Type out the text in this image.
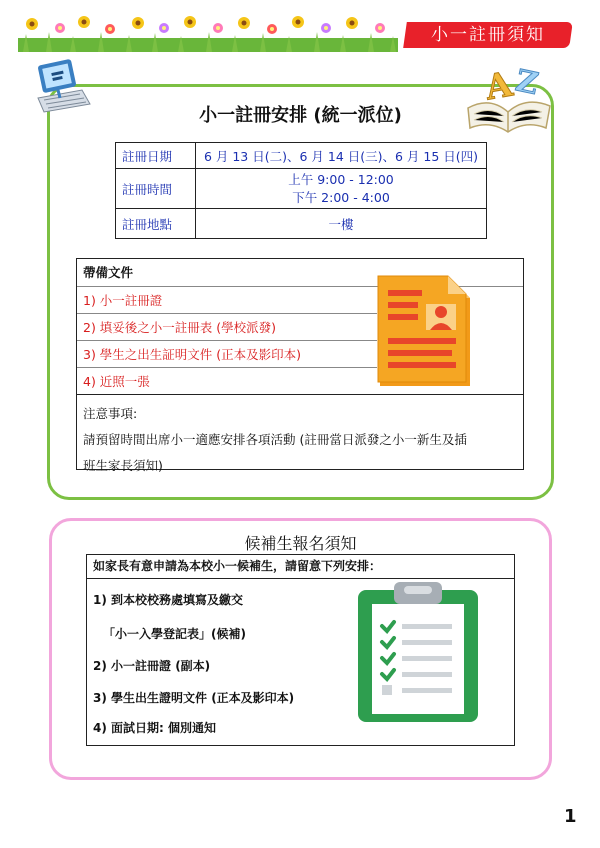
小一註冊須知
小一註冊安排 (統一派位)
A
Z
註冊日期	6 月 13 日(二)、6 月 14 日(三)、6 月 15 日(四)
註冊時間	上午 9:00 - 12:00
下午 2:00 - 4:00

註冊地點	一樓
帶備文件
1) 小一註冊證
2) 填妥後之小一註冊表 (學校派發)
3) 學生之出生証明文件 (正本及影印本)
4) 近照一張
注意事項:
請預留時間出席小一適應安排各項活動 (註冊當日派發之小一新生及插
班生家長須知)
候補生報名須知
如家長有意申請為本校小一候補生，請留意下列安排：
1) 到本校校務處填寫及繳交
「小一入學登記表」(候補)
2) 小一註冊證 (副本)
3) 學生出生證明文件 (正本及影印本)
4) 面試日期: 個別通知
1
